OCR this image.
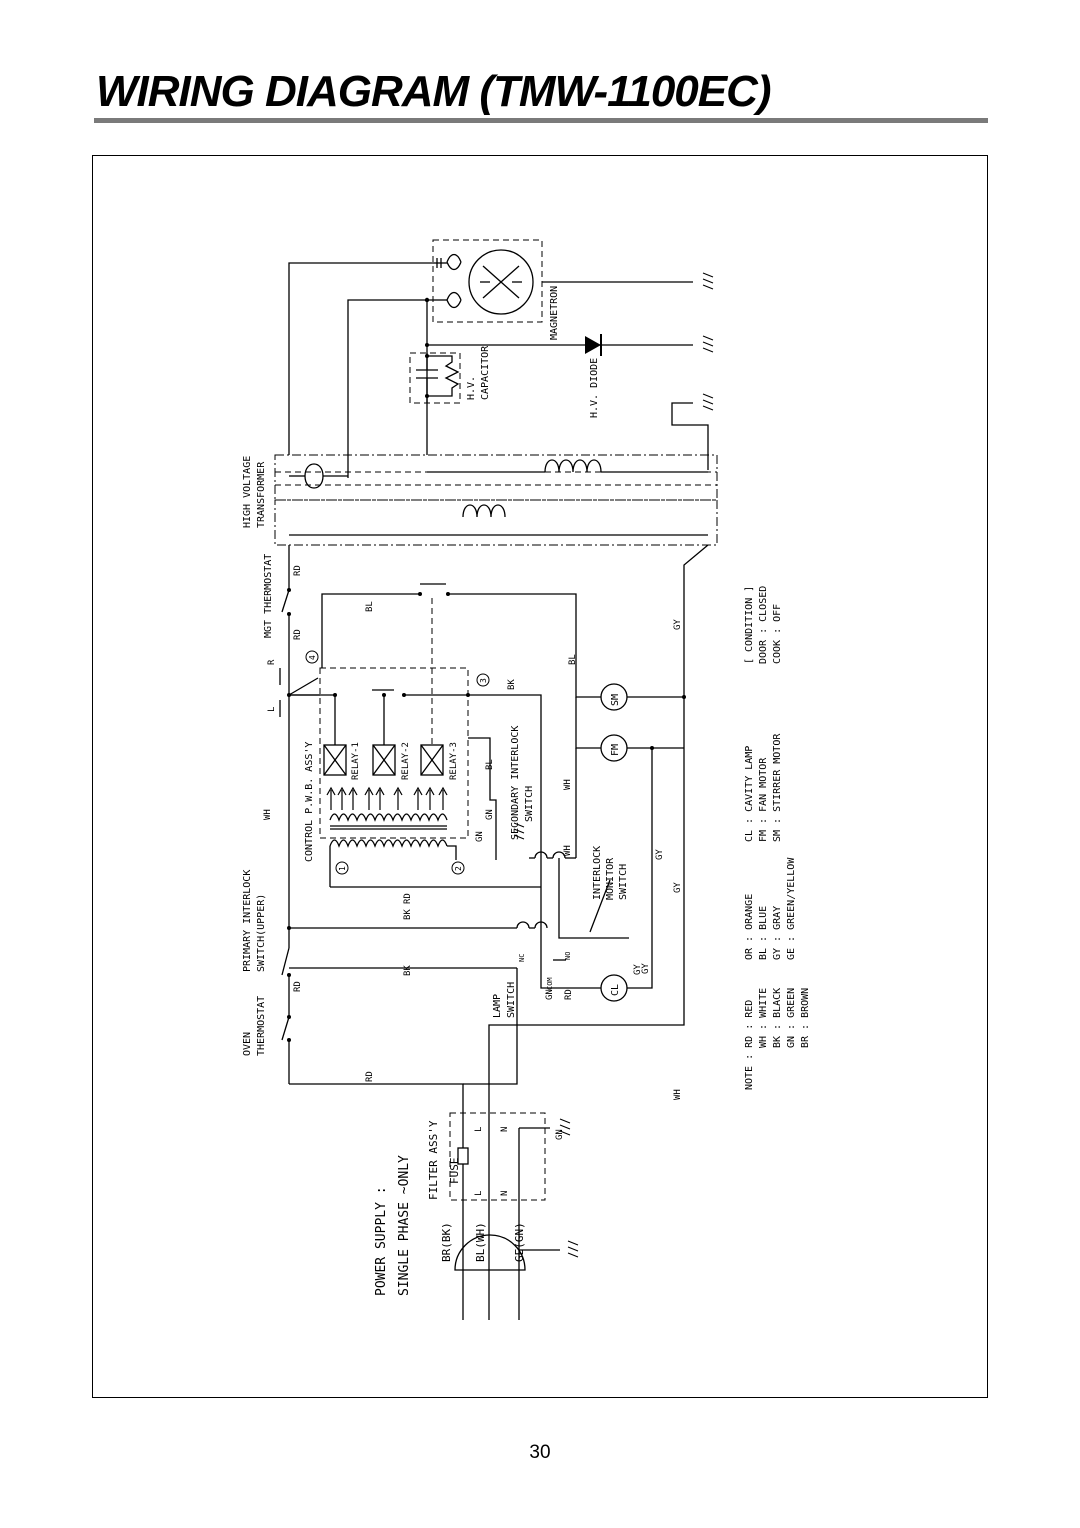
WIRING DIAGRAM (TMW-1100EC)
MAGNETRON
H.V. CAPACITOR	H.V. DIODE
HIGH VOLTAGE TRANSFORMER
MGT THERMOSTAT RD
RD
R
L
4
WH
PRIMARY INTERLOCK SWITCH(UPPER)
RD
OVEN THERMOSTAT
RD
CONTROL P.W.B. ASS'Y	RELAY-1	RELAY-2	RELAY-3
1	2
3
BL
BL
BK
BL
GN
GN	SECONDARY INTERLOCK SWITCH
BK
RD
BK
NC
LAMP SWITCH
SM
GY
FM
WH
GY
GY
GY
WH
WH INTERLOCK MONITOR SWITCH
NO
COM	CL
GN RD
GY
L N
L N
GN
FUSE
FILTER ASS'Y
BR(BK) BL(WH) GE(GN)
POWER SUPPLY : SINGLE PHASE ~ONLY
[ CONDITION ] DOOR : CLOSED COOK : OFF
CL : CAVITY LAMP FM : FAN MOTOR SM : STIRRER MOTOR
NOTE : RD : RED WH : WHITE BK : BLACK GN : GREEN BR : BROWN
OR : ORANGE BL : BLUE GY : GRAY GE : GREEN/YELLOW
30
